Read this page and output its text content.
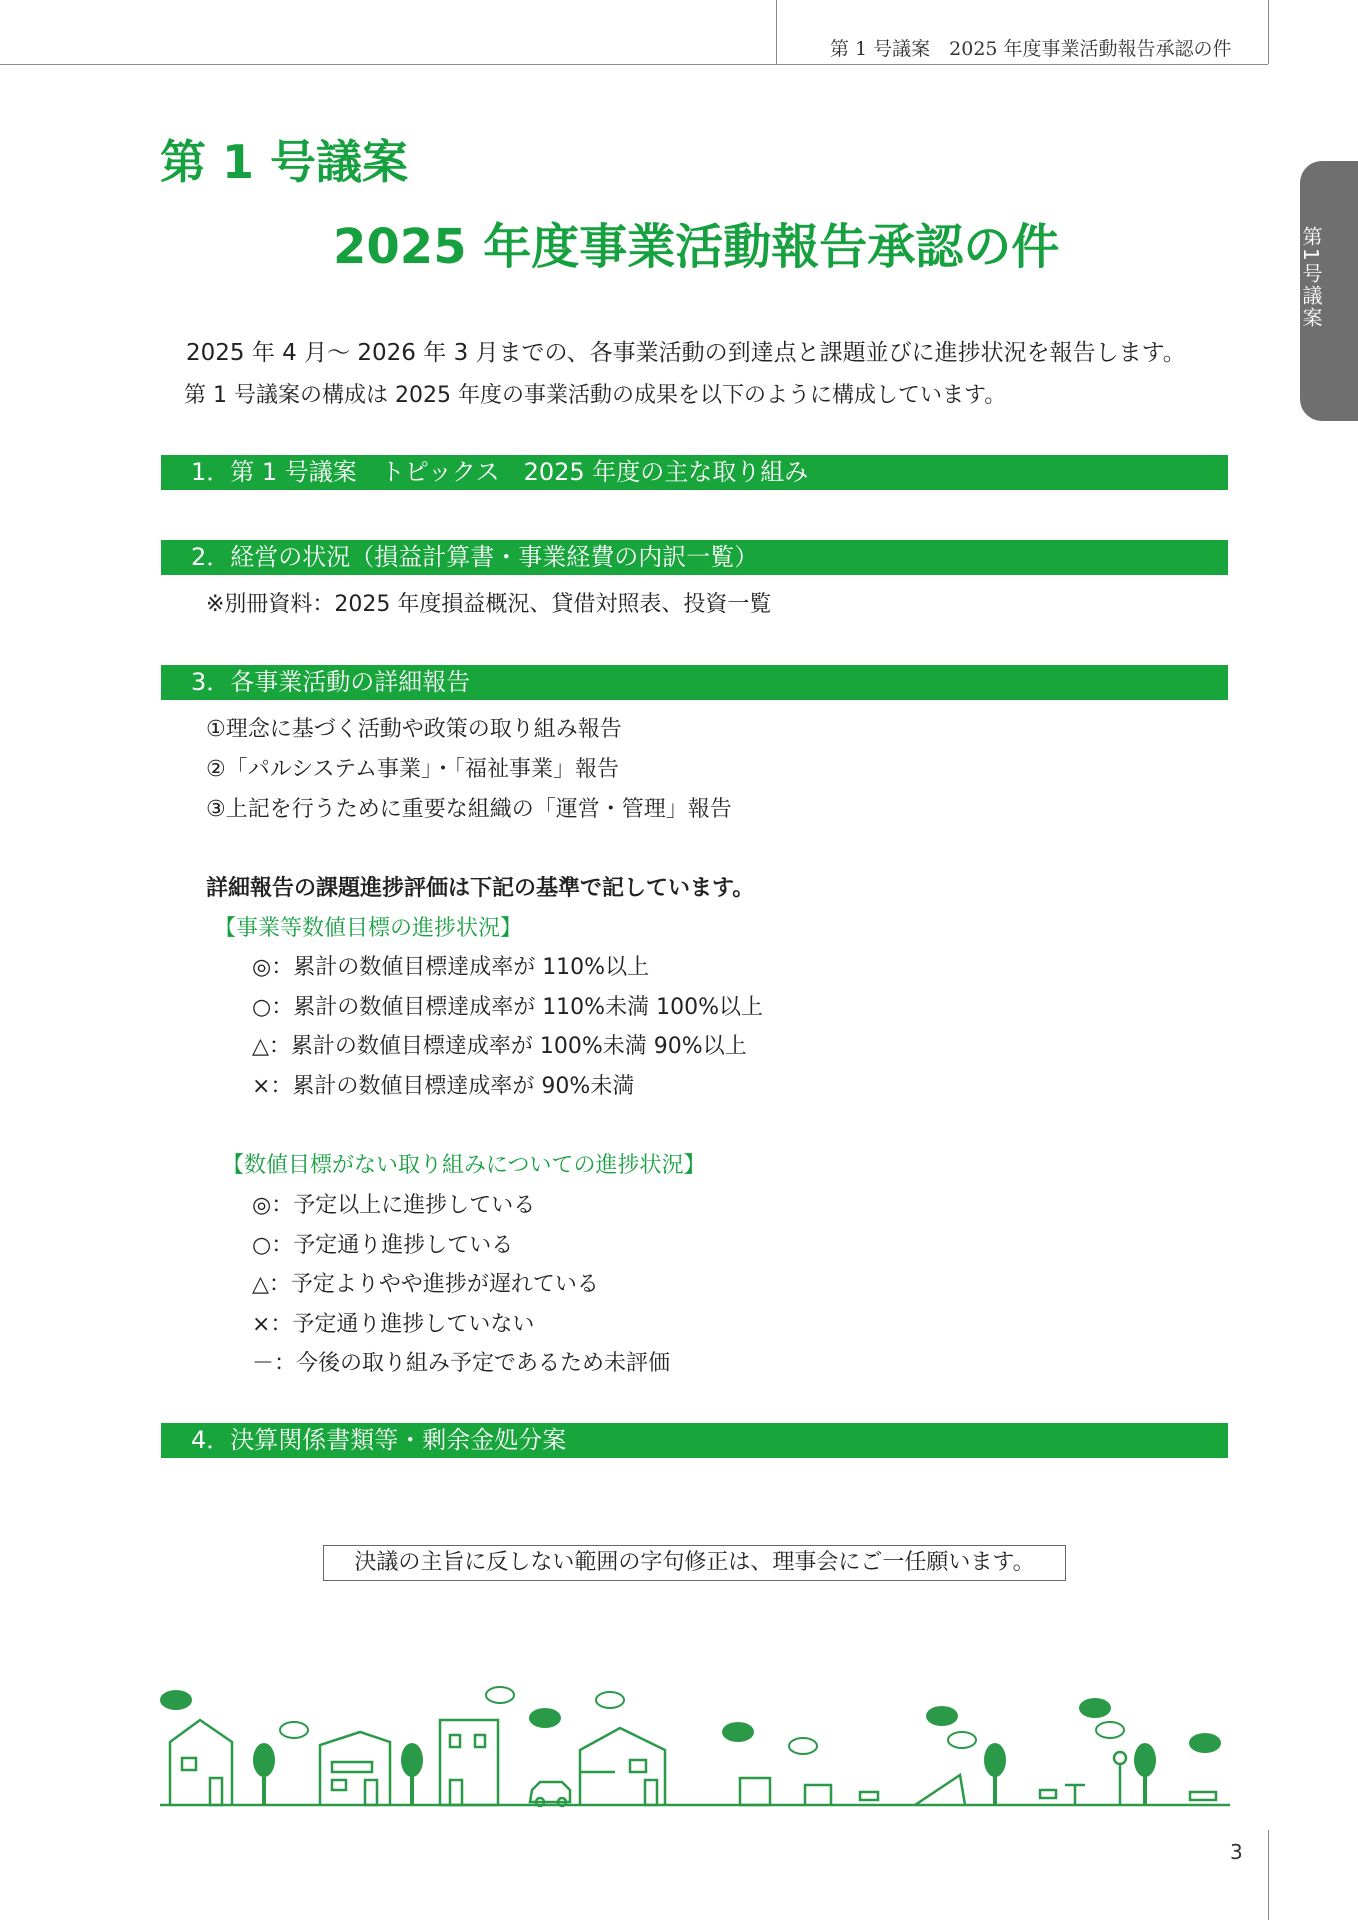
第 1 号議案　2025 年度事業活動報告承認の件
第1号議案
第 1 号議案
2025 年度事業活動報告承認の件
2025 年 4 月〜 2026 年 3 月までの、各事業活動の到達点と課題並びに進捗状況を報告します。
第 1 号議案の構成は 2025 年度の事業活動の成果を以下のように構成しています。
1．第 1 号議案　トピックス　2025 年度の主な取り組み
2．経営の状況（損益計算書・事業経費の内訳一覧）
※別冊資料：2025 年度損益概況、貸借対照表、投資一覧
3．各事業活動の詳細報告
①理念に基づく活動や政策の取り組み報告
②「パルシステム事業」・「福祉事業」報告
③上記を行うために重要な組織の「運営・管理」報告
詳細報告の課題進捗評価は下記の基準で記しています。
【事業等数値目標の進捗状況】
◎：累計の数値目標達成率が 110%以上
○：累計の数値目標達成率が 110%未満 100%以上
△：累計の数値目標達成率が 100%未満 90%以上
×：累計の数値目標達成率が 90%未満
【数値目標がない取り組みについての進捗状況】
◎：予定以上に進捗している
○：予定通り進捗している
△：予定よりやや進捗が遅れている
×：予定通り進捗していない
－：今後の取り組み予定であるため未評価
4．決算関係書類等・剰余金処分案
決議の主旨に反しない範囲の字句修正は、理事会にご一任願います。
3
